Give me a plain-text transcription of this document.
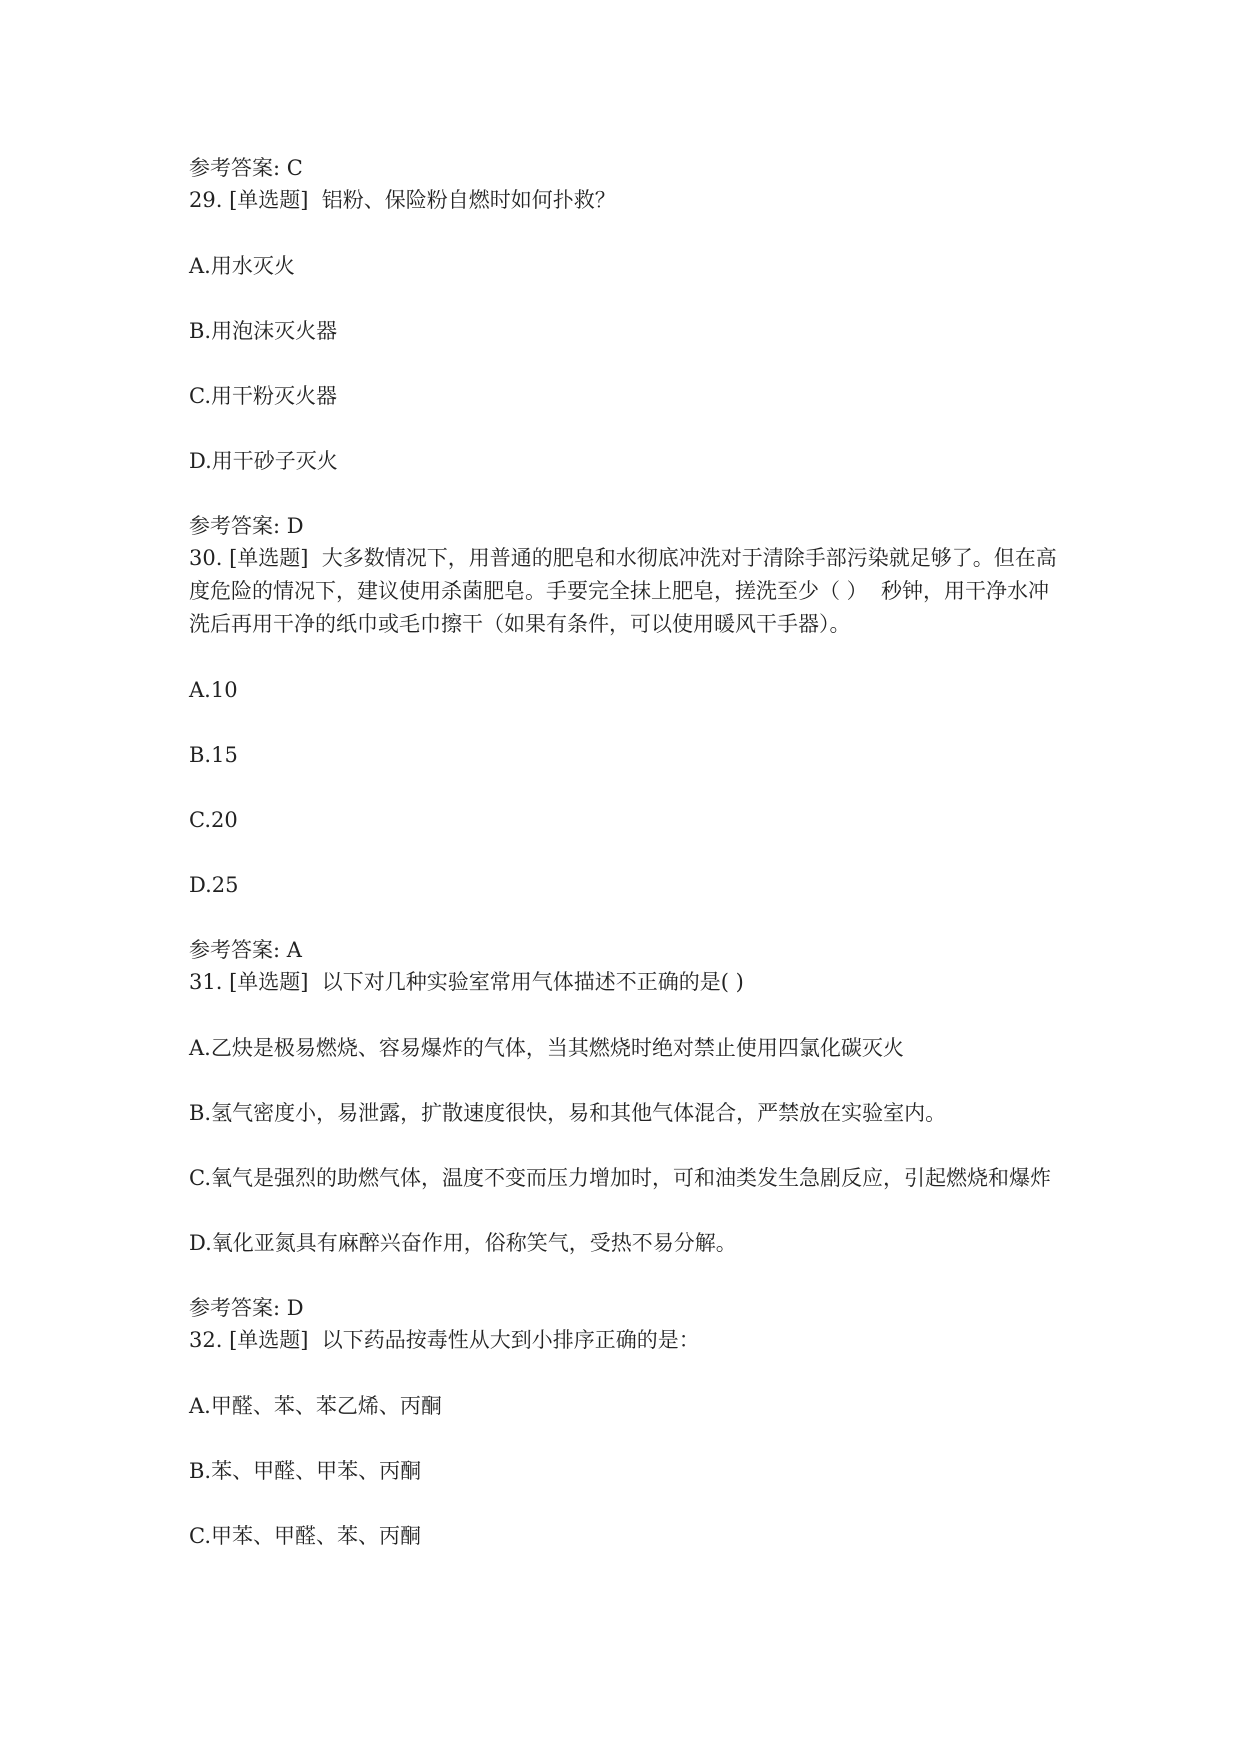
参考答案: C
29. [单选题]  铝粉、保险粉自燃时如何扑救？
A.用水灭火
B.用泡沫灭火器
C.用干粉灭火器
D.用干砂子灭火
参考答案: D
30. [单选题]  大多数情况下，用普通的肥皂和水彻底冲洗对于清除手部污染就足够了。但在高度危险的情况下，建议使用杀菌肥皂。手要完全抹上肥皂，搓洗至少（ ）  秒钟，用干净水冲洗后再用干净的纸巾或毛巾擦干（如果有条件，可以使用暖风干手器）。
A.10
B.15
C.20
D.25
参考答案: A
31. [单选题]  以下对几种实验室常用气体描述不正确的是( )
A.乙炔是极易燃烧、容易爆炸的气体，当其燃烧时绝对禁止使用四氯化碳灭火
B.氢气密度小，易泄露，扩散速度很快，易和其他气体混合，严禁放在实验室内。
C.氧气是强烈的助燃气体，温度不变而压力增加时，可和油类发生急剧反应，引起燃烧和爆炸
D.氧化亚氮具有麻醉兴奋作用，俗称笑气，受热不易分解。
参考答案: D
32. [单选题]  以下药品按毒性从大到小排序正确的是：
A.甲醛、苯、苯乙烯、丙酮
B.苯、甲醛、甲苯、丙酮
C.甲苯、甲醛、苯、丙酮
